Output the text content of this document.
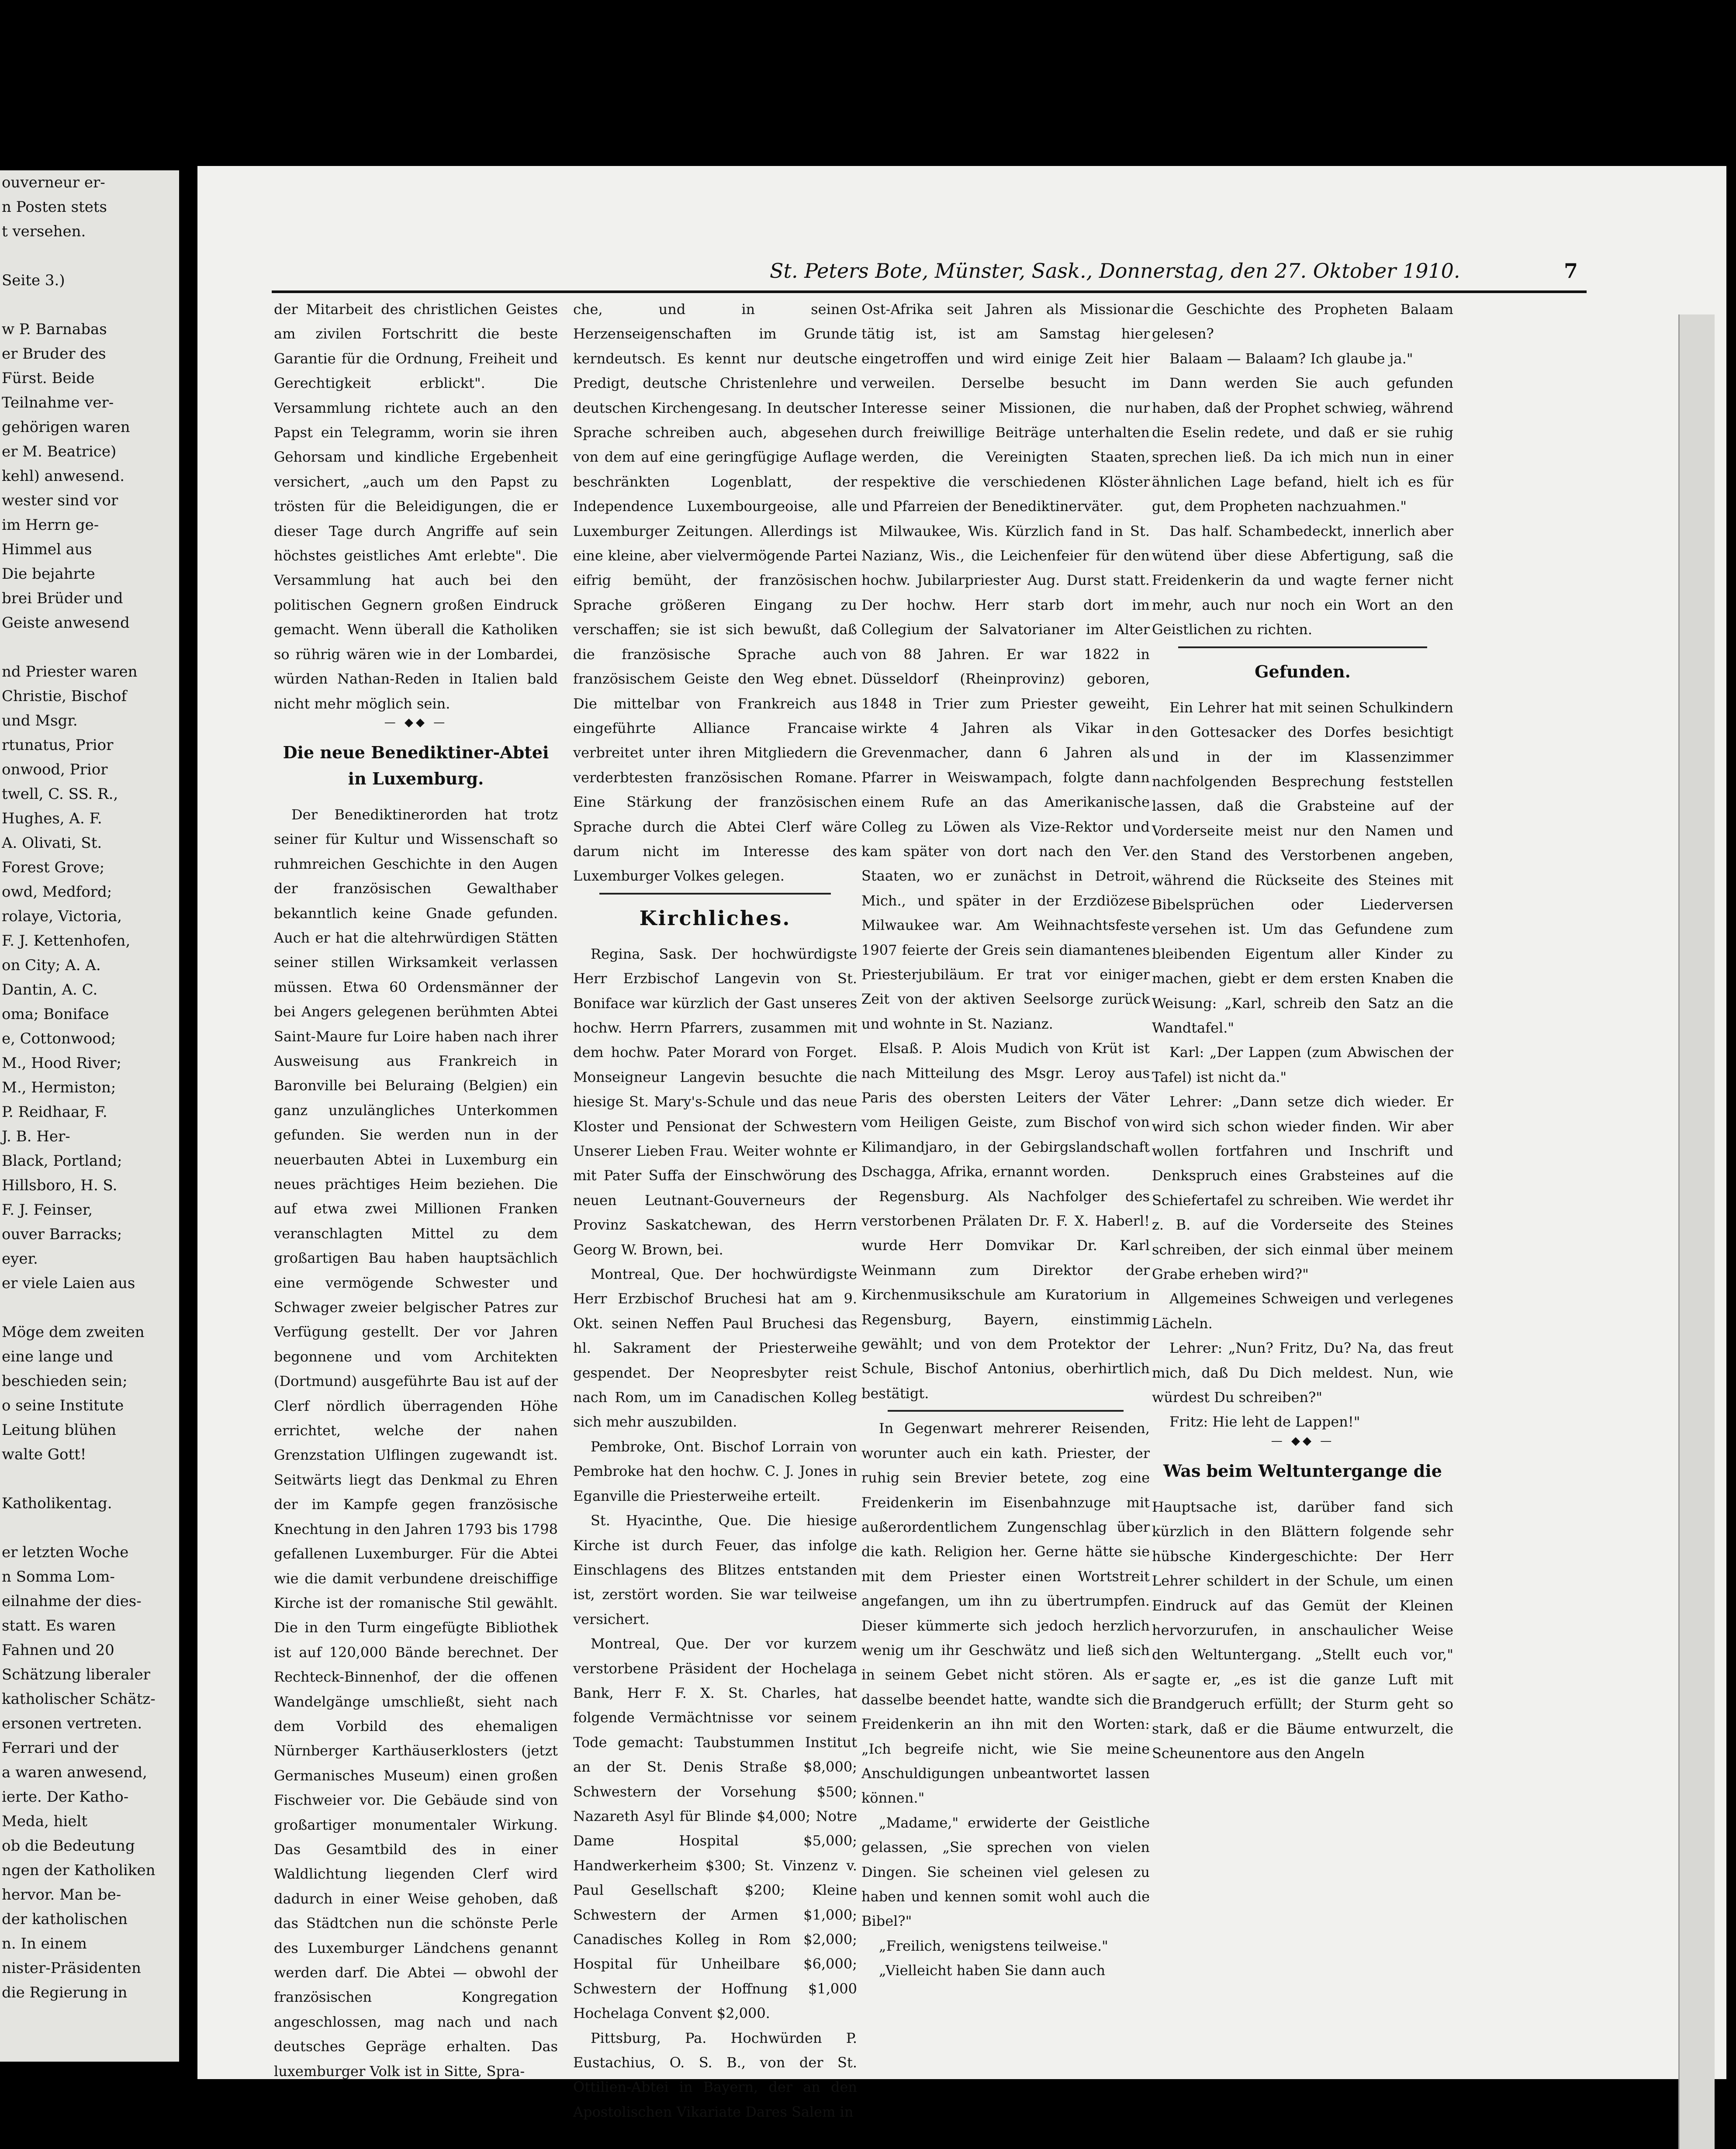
ouverneur er-

n Posten stets

t versehen.

Seite 3.)

w P. Barnabas

er Bruder des

Fürst. Beide

Teilnahme ver-

gehörigen waren

er M. Beatrice)

kehl) anwesend.

wester sind vor

im Herrn ge-

Himmel aus

Die bejahrte

brei Brüder und

Geiste anwesend

nd Priester waren

Christie, Bischof

und Msgr.

rtunatus, Prior

onwood, Prior

twell, C. SS. R.,

Hughes, A. F.

A. Olivati, St.

Forest Grove;

owd, Medford;

rolaye, Victoria,

F. J. Kettenhofen,

on City; A. A.

Dantin, A. C.

oma; Boniface

e, Cottonwood;

M., Hood River;

M., Hermiston;

P. Reidhaar, F.

J. B. Her-

Black, Portland;

Hillsboro, H. S.

F. J. Feinser,

ouver Barracks;

eyer.

er viele Laien aus

Möge dem zweiten

eine lange und

beschieden sein;

o seine Institute

Leitung blühen

walte Gott!

Katholikentag.

er letzten Woche

n Somma Lom-

eilnahme der dies-

statt. Es waren

Fahnen und 20

Schätzung liberaler

katholischer Schätz-

ersonen vertreten.

Ferrari und der

a waren anwesend,

ierte. Der Katho-

Meda, hielt

ob die Bedeutung

ngen der Katholiken

hervor. Man be-

der katholischen

n. In einem

nister-Präsidenten

die Regierung in

St. Peters Bote, Münster, Sask., Donnerstag, den 27. Oktober 1910.	7

der Mitarbeit des christlichen Geistes am zivilen Fortschritt die beste Garantie für die Ordnung, Freiheit und Gerechtigkeit erblickt". Die Versammlung richtete auch an den Papst ein Telegramm, worin sie ihren Gehorsam und kindliche Ergebenheit versichert, „auch um den Papst zu trösten für die Beleidigungen, die er dieser Tage durch Angriffe auf sein höchstes geistliches Amt erlebte". Die Versammlung hat auch bei den politischen Gegnern großen Eindruck gemacht. Wenn überall die Katholiken so rührig wären wie in der Lombardei, würden Nathan-Reden in Italien bald nicht mehr möglich sein.

— ◆◆ —
Die neue Benediktiner-Abtei in Luxemburg.

Der Benediktinerorden hat trotz seiner für Kultur und Wissenschaft so ruhmreichen Geschichte in den Augen der französischen Gewalthaber bekanntlich keine Gnade gefunden. Auch er hat die altehrwürdigen Stätten seiner stillen Wirksamkeit verlassen müssen. Etwa 60 Ordensmänner der bei Angers gelegenen berühmten Abtei Saint-Maure fur Loire haben nach ihrer Ausweisung aus Frankreich in Baronville bei Beluraing (Belgien) ein ganz unzulängliches Unterkommen gefunden. Sie werden nun in der neuerbauten Abtei in Luxemburg ein neues prächtiges Heim beziehen. Die auf etwa zwei Millionen Franken veranschlagten Mittel zu dem großartigen Bau haben hauptsächlich eine vermögende Schwester und Schwager zweier belgischer Patres zur Verfügung gestellt. Der vor Jahren begonnene und vom Architekten (Dortmund) ausgeführte Bau ist auf der Clerf nördlich überragenden Höhe errichtet, welche der nahen Grenzstation Ulflingen zugewandt ist. Seitwärts liegt das Denkmal zu Ehren der im Kampfe gegen französische Knechtung in den Jahren 1793 bis 1798 gefallenen Luxemburger. Für die Abtei wie die damit verbundene dreischiffige Kirche ist der romanische Stil gewählt. Die in den Turm eingefügte Bibliothek ist auf 120,000 Bände berechnet. Der Rechteck-Binnenhof, der die offenen Wandelgänge umschließt, sieht nach dem Vorbild des ehemaligen Nürnberger Karthäuserklosters (jetzt Germanisches Museum) einen großen Fischweier vor. Die Gebäude sind von großartiger monumentaler Wirkung. Das Gesamtbild des in einer Waldlichtung liegenden Clerf wird dadurch in einer Weise gehoben, daß das Städtchen nun die schönste Perle des Luxemburger Ländchens genannt werden darf. Die Abtei — obwohl der französischen Kongregation angeschlossen, mag nach und nach deutsches Gepräge erhalten. Das luxemburger Volk ist in Sitte, Spra-

che, und in seinen Herzenseigenschaften im Grunde kerndeutsch. Es kennt nur deutsche Predigt, deutsche Christenlehre und deutschen Kirchengesang. In deutscher Sprache schreiben auch, abgesehen von dem auf eine geringfügige Auflage beschränkten Logenblatt, der Independence Luxembourgeoise, alle Luxemburger Zeitungen. Allerdings ist eine kleine, aber vielvermögende Partei eifrig bemüht, der französischen Sprache größeren Eingang zu verschaffen; sie ist sich bewußt, daß die französische Sprache auch französischem Geiste den Weg ebnet. Die mittelbar von Frankreich aus eingeführte Alliance Francaise verbreitet unter ihren Mitgliedern die verderbtesten französischen Romane. Eine Stärkung der französischen Sprache durch die Abtei Clerf wäre darum nicht im Interesse des Luxemburger Volkes gelegen.

Kirchliches.

Regina, Sask. Der hochwürdigste Herr Erzbischof Langevin von St. Boniface war kürzlich der Gast unseres hochw. Herrn Pfarrers, zusammen mit dem hochw. Pater Morard von Forget. Monseigneur Langevin besuchte die hiesige St. Mary's-Schule und das neue Kloster und Pensionat der Schwestern Unserer Lieben Frau. Weiter wohnte er mit Pater Suffa der Einschwörung des neuen Leutnant-Gouverneurs der Provinz Saskatchewan, des Herrn Georg W. Brown, bei.

Montreal, Que. Der hochwürdigste Herr Erzbischof Bruchesi hat am 9. Okt. seinen Neffen Paul Bruchesi das hl. Sakrament der Priesterweihe gespendet. Der Neopresbyter reist nach Rom, um im Canadischen Kolleg sich mehr auszubilden.

Pembroke, Ont. Bischof Lorrain von Pembroke hat den hochw. C. J. Jones in Eganville die Priesterweihe erteilt.

St. Hyacinthe, Que. Die hiesige Kirche ist durch Feuer, das infolge Einschlagens des Blitzes entstanden ist, zerstört worden. Sie war teilweise versichert.

Montreal, Que. Der vor kurzem verstorbene Präsident der Hochelaga Bank, Herr F. X. St. Charles, hat folgende Vermächtnisse vor seinem Tode gemacht: Taubstummen Institut an der St. Denis Straße $8,000; Schwestern der Vorsehung $500; Nazareth Asyl für Blinde $4,000; Notre Dame Hospital $5,000; Handwerkerheim $300; St. Vinzenz v. Paul Gesellschaft $200; Kleine Schwestern der Armen $1,000; Canadisches Kolleg in Rom $2,000; Hospital für Unheilbare $6,000; Schwestern der Hoffnung $1,000 Hochelaga Convent $2,000.

Pittsburg, Pa. Hochwürden P. Eustachius, O. S. B., von der St. Ottilien-Abtei in Bayern, der an den Apostolischen Vikariate Dares Salem in

Ost-Afrika seit Jahren als Missionar tätig ist, ist am Samstag hier eingetroffen und wird einige Zeit hier verweilen. Derselbe besucht im Interesse seiner Missionen, die nur durch freiwillige Beiträge unterhalten werden, die Vereinigten Staaten, respektive die verschiedenen Klöster und Pfarreien der Benediktinerväter.

Milwaukee, Wis. Kürzlich fand in St. Nazianz, Wis., die Leichenfeier für den hochw. Jubilarpriester Aug. Durst statt. Der hochw. Herr starb dort im Collegium der Salvatorianer im Alter von 88 Jahren. Er war 1822 in Düsseldorf (Rheinprovinz) geboren, 1848 in Trier zum Priester geweiht, wirkte 4 Jahren als Vikar in Grevenmacher, dann 6 Jahren als Pfarrer in Weiswampach, folgte dann einem Rufe an das Amerikanische Colleg zu Löwen als Vize-Rektor und kam später von dort nach den Ver. Staaten, wo er zunächst in Detroit, Mich., und später in der Erzdiözese Milwaukee war. Am Weihnachtsfeste 1907 feierte der Greis sein diamantenes Priesterjubiläum. Er trat vor einiger Zeit von der aktiven Seelsorge zurück und wohnte in St. Nazianz.

Elsaß. P. Alois Mudich von Krüt ist nach Mitteilung des Msgr. Leroy aus Paris des obersten Leiters der Väter vom Heiligen Geiste, zum Bischof von Kilimandjaro, in der Gebirgslandschaft Dschagga, Afrika, ernannt worden.

Regensburg. Als Nachfolger des verstorbenen Prälaten Dr. F. X. Haberl! wurde Herr Domvikar Dr. Karl Weinmann zum Direktor der Kirchenmusikschule am Kuratorium in Regensburg, Bayern, einstimmig gewählt; und von dem Protektor der Schule, Bischof Antonius, oberhirtlich bestätigt.

In Gegenwart mehrerer Reisenden, worunter auch ein kath. Priester, der ruhig sein Brevier betete, zog eine Freidenkerin im Eisenbahnzuge mit außerordentlichem Zungenschlag über die kath. Religion her. Gerne hätte sie mit dem Priester einen Wortstreit angefangen, um ihn zu übertrumpfen. Dieser kümmerte sich jedoch herzlich wenig um ihr Geschwätz und ließ sich in seinem Gebet nicht stören. Als er dasselbe beendet hatte, wandte sich die Freidenkerin an ihn mit den Worten: „Ich begreife nicht, wie Sie meine Anschuldigungen unbeantwortet lassen können."

„Madame," erwiderte der Geistliche gelassen, „Sie sprechen von vielen Dingen. Sie scheinen viel gelesen zu haben und kennen somit wohl auch die Bibel?"

„Freilich, wenigstens teilweise."

„Vielleicht haben Sie dann auch

die Geschichte des Propheten Balaam gelesen?

Balaam — Balaam? Ich glaube ja."

Dann werden Sie auch gefunden haben, daß der Prophet schwieg, während die Eselin redete, und daß er sie ruhig sprechen ließ. Da ich mich nun in einer ähnlichen Lage befand, hielt ich es für gut, dem Propheten nachzuahmen."

Das half. Schambedeckt, innerlich aber wütend über diese Abfertigung, saß die Freidenkerin da und wagte ferner nicht mehr, auch nur noch ein Wort an den Geistlichen zu richten.

Gefunden.

Ein Lehrer hat mit seinen Schulkindern den Gottesacker des Dorfes besichtigt und in der im Klassenzimmer nachfolgenden Besprechung feststellen lassen, daß die Grabsteine auf der Vorderseite meist nur den Namen und den Stand des Verstorbenen angeben, während die Rückseite des Steines mit Bibelsprüchen oder Liederversen versehen ist. Um das Gefundene zum bleibenden Eigentum aller Kinder zu machen, giebt er dem ersten Knaben die Weisung: „Karl, schreib den Satz an die Wandtafel."

Karl: „Der Lappen (zum Abwischen der Tafel) ist nicht da."

Lehrer: „Dann setze dich wieder. Er wird sich schon wieder finden. Wir aber wollen fortfahren und Inschrift und Denkspruch eines Grabsteines auf die Schiefertafel zu schreiben. Wie werdet ihr z. B. auf die Vorderseite des Steines schreiben, der sich einmal über meinem Grabe erheben wird?"

Allgemeines Schweigen und verlegenes Lächeln.

Lehrer: „Nun? Fritz, Du? Na, das freut mich, daß Du Dich meldest. Nun, wie würdest Du schreiben?"

Fritz: Hie leht de Lappen!"

— ◆◆ —
Was beim Weltuntergange die

Hauptsache ist, darüber fand sich kürzlich in den Blättern folgende sehr hübsche Kindergeschichte: Der Herr Lehrer schildert in der Schule, um einen Eindruck auf das Gemüt der Kleinen hervorzurufen, in anschaulicher Weise den Weltuntergang. „Stellt euch vor," sagte er, „es ist die ganze Luft mit Brandgeruch erfüllt; der Sturm geht so stark, daß er die Bäume entwurzelt, die Scheunentore aus den Angeln
